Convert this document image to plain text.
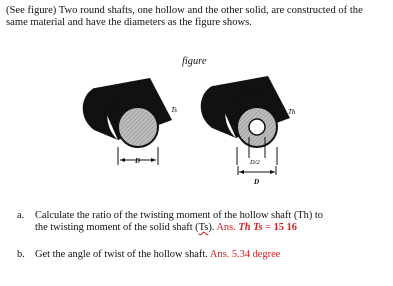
(See figure) Two round shafts, one hollow and the other solid, are constructed of the same material and have the diameters as the figure shows.
figure
Ts
D
Th
D/2
D
a. Calculate the ratio of the twisting moment of the hollow shaft (Th) to
the twisting moment of the solid shaft (Ts). Ans. Th Ts = 15 16
b. Get the angle of twist of the hollow shaft. Ans. 5.34 degree
